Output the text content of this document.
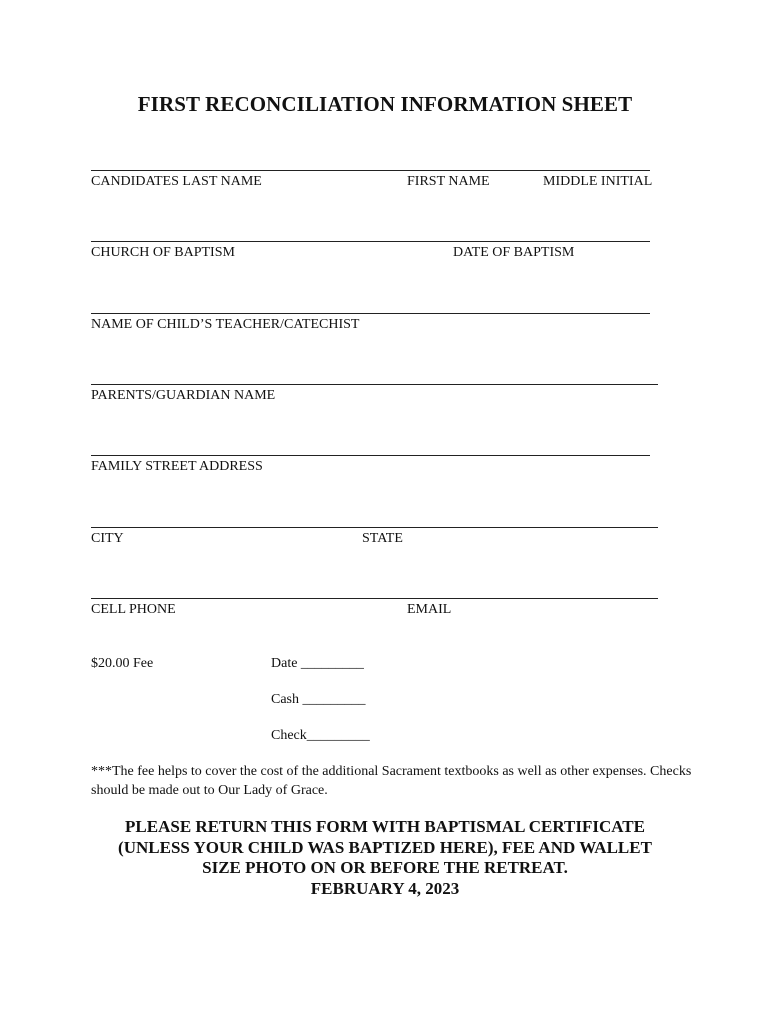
FIRST RECONCILIATION INFORMATION SHEET
CANDIDATES LAST NAME	FIRST NAME	MIDDLE INITIAL
CHURCH OF BAPTISM	DATE OF BAPTISM
NAME OF CHILD’S TEACHER/CATECHIST
PARENTS/GUARDIAN NAME
FAMILY STREET ADDRESS
CITY	STATE
CELL PHONE	EMAIL
$20.00 Fee	Date _________
Cash _________
Check_________
***The fee helps to cover the cost of the additional Sacrament textbooks as well as other expenses. Checks should be made out to Our Lady of Grace.
PLEASE RETURN THIS FORM WITH BAPTISMAL CERTIFICATE
(UNLESS YOUR CHILD WAS BAPTIZED HERE), FEE AND WALLET
SIZE PHOTO ON OR BEFORE THE RETREAT.
FEBRUARY 4, 2023
